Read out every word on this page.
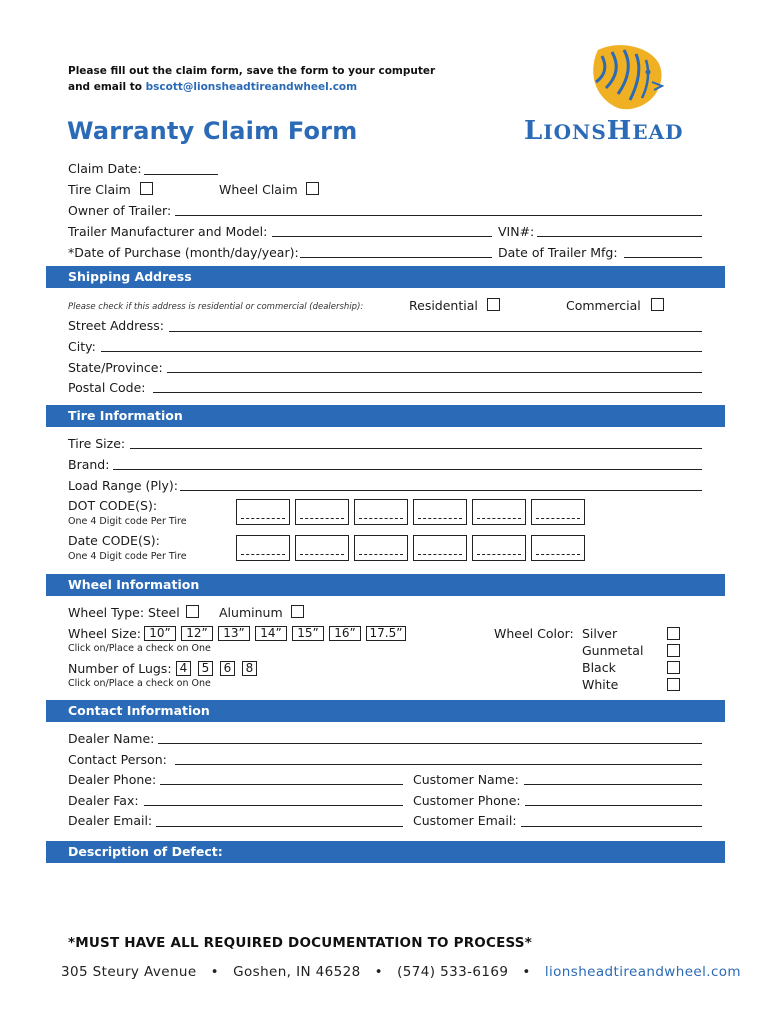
Please fill out the claim form, save the form to your computer
and email to bscott@lionsheadtireandwheel.com
Warranty Claim Form	LIONSHEAD
Claim Date:
Tire Claim	Wheel Claim
Owner of Trailer:
Trailer Manufacturer and Model:	VIN#:
*Date of Purchase (month/day/year):	Date of Trailer Mfg:
Shipping Address
Please check if this address is residential or commercial (dealership):	Residential	Commercial
Street Address:
City:
State/Province:
Postal Code:
Tire Information
Tire Size:
Brand:
Load Range (Ply):
DOT CODE(S):
One 4 Digit code Per Tire
Date CODE(S):
One 4 Digit code Per Tire
Wheel Information
Wheel Type: Steel	Aluminum
Wheel Size: 10”	12”	13”	14”	15”	16”	17.5”
Click on/Place a check on One
Number of Lugs: 4	5	6	8
Click on/Place a check on One
Wheel Color: Silver
Gunmetal
Black
White
Contact Information
Dealer Name:
Contact Person:
Dealer Phone:	Customer Name:
Dealer Fax:	Customer Phone:
Dealer Email:	Customer Email:
Description of Defect:
*MUST HAVE ALL REQUIRED DOCUMENTATION TO PROCESS*
305 Steury Avenue • Goshen, IN 46528 • (574) 533-6169 • lionsheadtireandwheel.com
